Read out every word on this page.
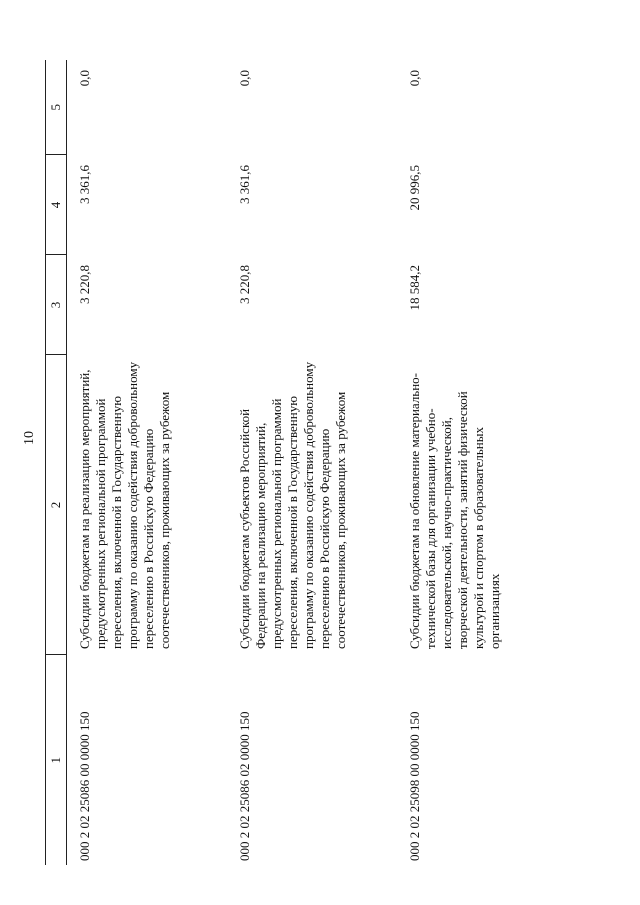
10
1	2	3	4	5
000 2 02 25086 00 0000 150	Субсидии бюджетам на реализацию мероприятий, предусмотренных региональной программой переселения, включенной в Государственную программу по оказанию содействия добровольному переселению в Российскую Федерацию соотечественников, проживающих за рубежом	3 220,8	3 361,6	0,0
000 2 02 25086 02 0000 150	Субсидии бюджетам субъектов Российской Федерации на реализацию мероприятий, предусмотренных региональной программой переселения, включенной в Государственную программу по оказанию содействия добровольному переселению в Российскую Федерацию соотечественников, проживающих за рубежом	3 220,8	3 361,6	0,0
000 2 02 25098 00 0000 150	Субсидии бюджетам на обновление материально-технической базы для организации учебно-исследовательской, научно-практической, творческой деятельности, занятий физической культурой и спортом в образовательных организациях	18 584,2	20 996,5	0,0
